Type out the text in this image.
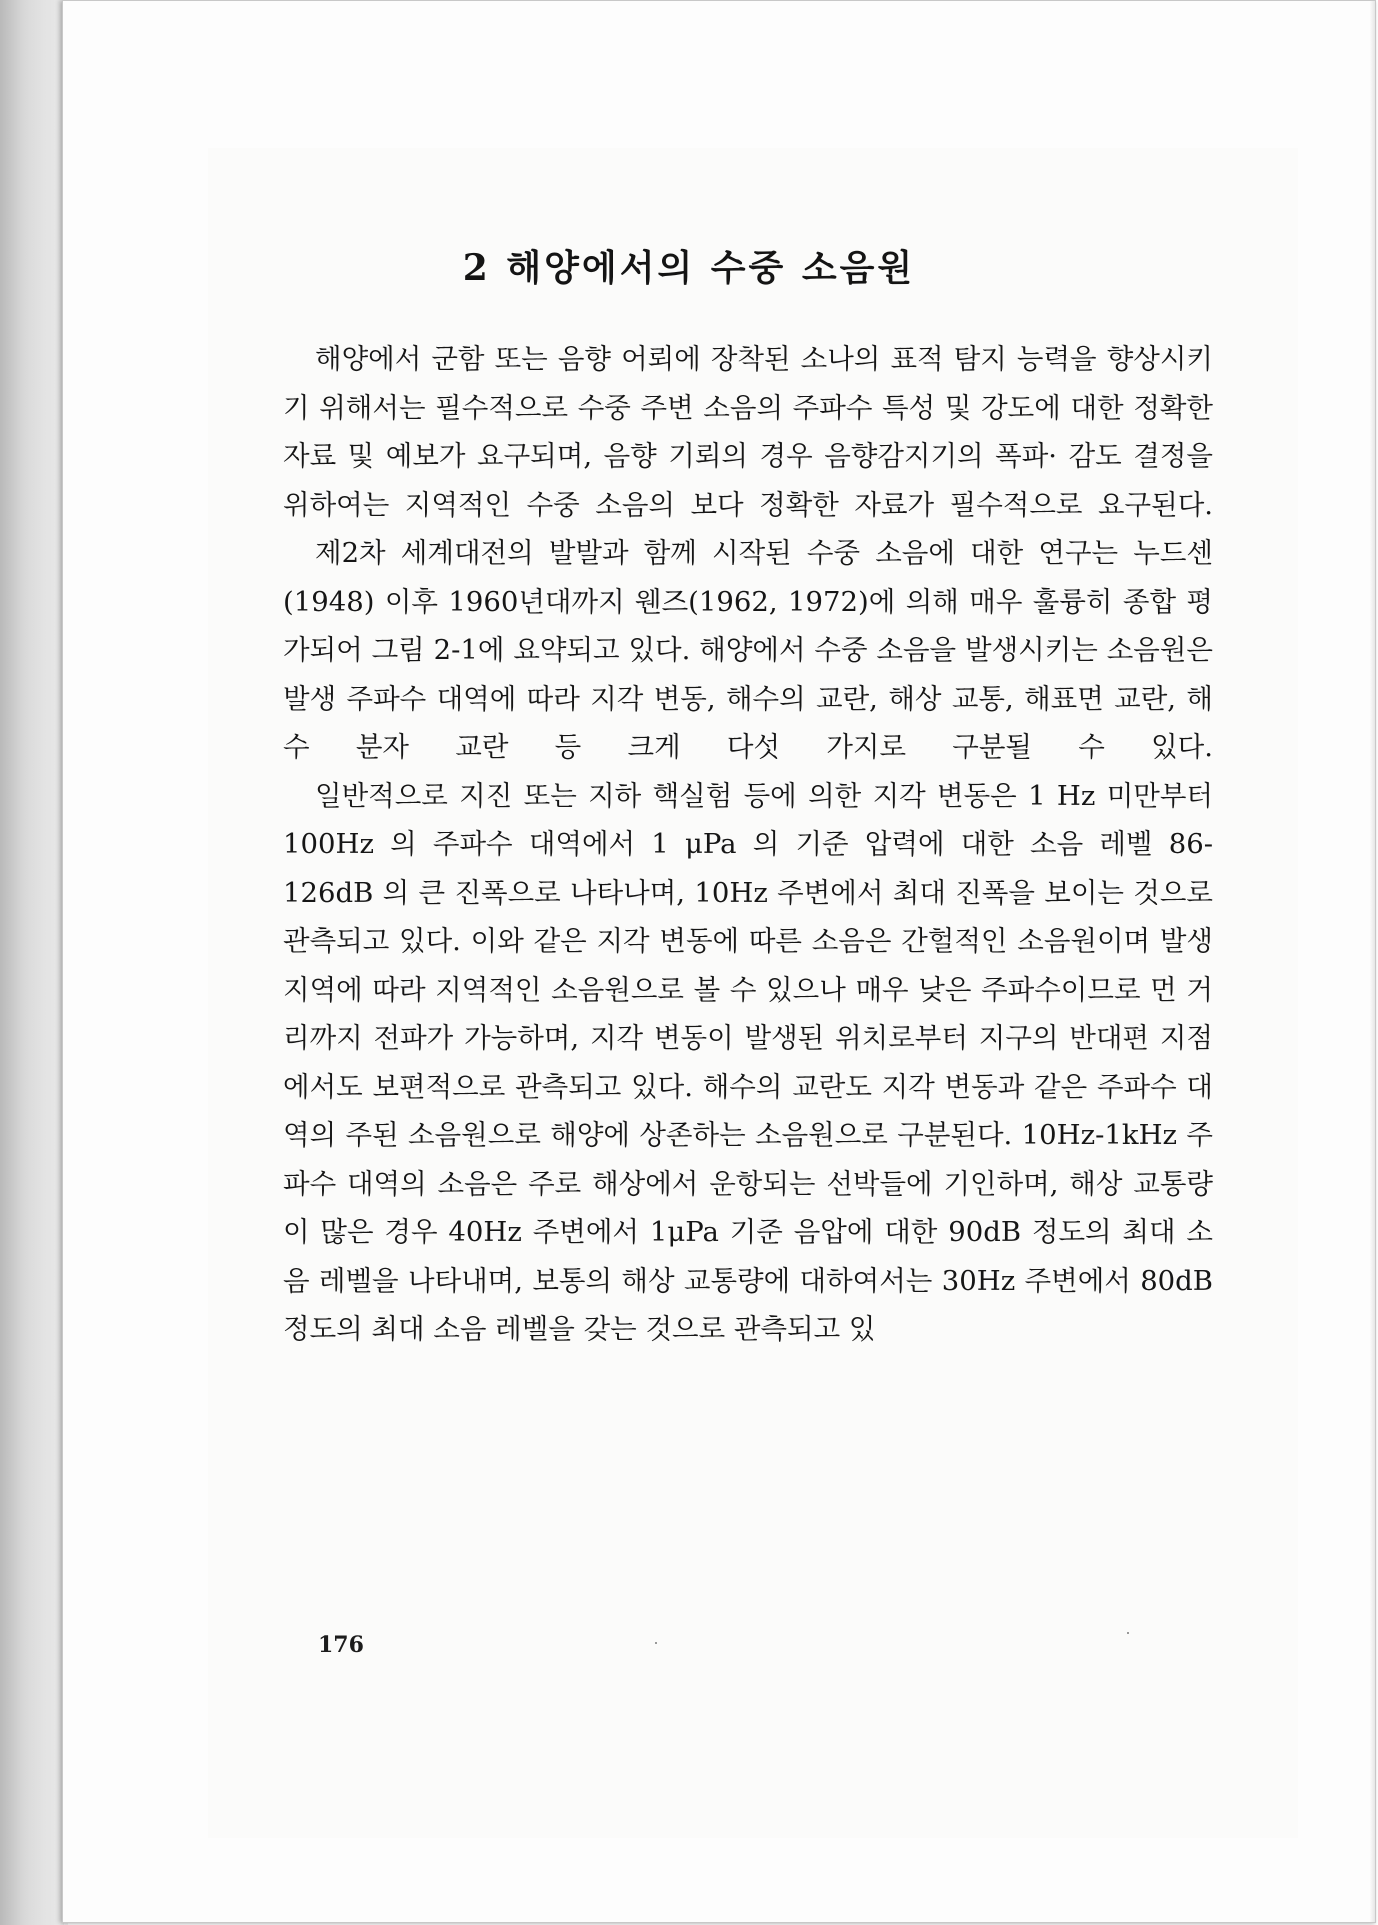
2 해양에서의 수중 소음원

해양에서 군함 또는 음향 어뢰에 장착된 소나의 표적 탐지 능력을 향상시키기 위해서는 필수적으로 수중 주변 소음의 주파수 특성 및 강도에 대한 정확한 자료 및 예보가 요구되며, 음향 기뢰의 경우 음향감지기의 폭파· 감도 결정을 위하여는 지역적인 수중 소음의 보다 정확한 자료가 필수적으로 요구된다.

제2차 세계대전의 발발과 함께 시작된 수중 소음에 대한 연구는 누드센(1948) 이후 1960년대까지 웬즈(1962, 1972)에 의해 매우 훌륭히 종합 평가되어 그림 2-1에 요약되고 있다. 해양에서 수중 소음을 발생시키는 소음원은 발생 주파수 대역에 따라 지각 변동, 해수의 교란, 해상 교통, 해표면 교란, 해수 분자 교란 등 크게 다섯 가지로 구분될 수 있다.

일반적으로 지진 또는 지하 핵실험 등에 의한 지각 변동은 1 Hz 미만부터 100Hz 의 주파수 대역에서 1 μPa 의 기준 압력에 대한 소음 레벨 86-126dB 의 큰 진폭으로 나타나며, 10Hz 주변에서 최대 진폭을 보이는 것으로 관측되고 있다. 이와 같은 지각 변동에 따른 소음은 간헐적인 소음원이며 발생지역에 따라 지역적인 소음원으로 볼 수 있으나 매우 낮은 주파수이므로 먼 거리까지 전파가 가능하며, 지각 변동이 발생된 위치로부터 지구의 반대편 지점에서도 보편적으로 관측되고 있다. 해수의 교란도 지각 변동과 같은 주파수 대역의 주된 소음원으로 해양에 상존하는 소음원으로 구분된다. 10Hz-1kHz 주파수 대역의 소음은 주로 해상에서 운항되는 선박들에 기인하며, 해상 교통량이 많은 경우 40Hz 주변에서 1μPa 기준 음압에 대한 90dB 정도의 최대 소음 레벨을 나타내며, 보통의 해상 교통량에 대하여서는 30Hz 주변에서 80dB 정도의 최대 소음 레벨을 갖는 것으로 관측되고 있

176
